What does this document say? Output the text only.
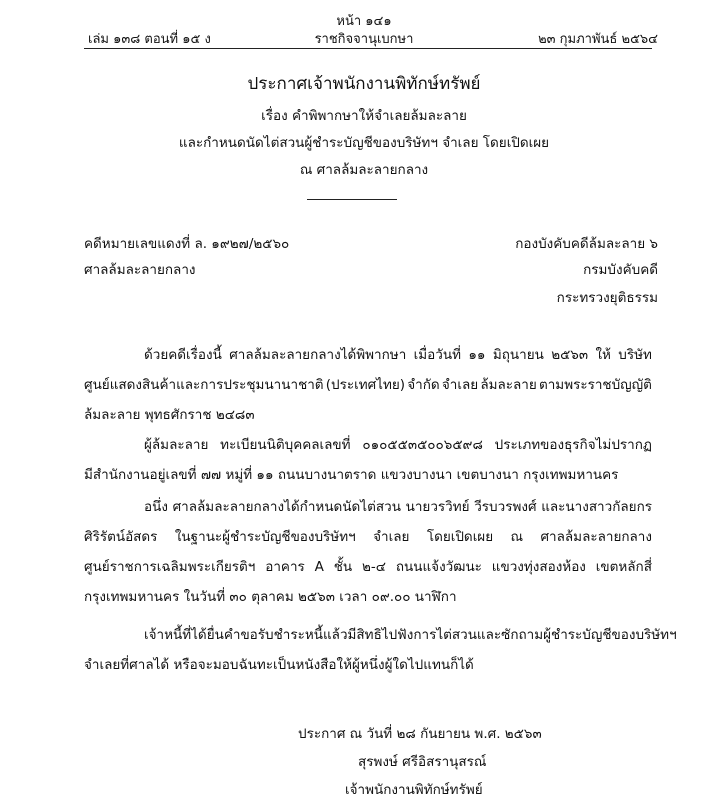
หน้า ๑๔๑
เล่ม ๑๓๘ ตอนที่ ๑๕ ง	ราชกิจจานุเบกษา	๒๓ กุมภาพันธ์ ๒๕๖๔
ประกาศเจ้าพนักงานพิทักษ์ทรัพย์
เรื่อง คำพิพากษาให้จำเลยล้มละลาย
และกำหนดนัดไต่สวนผู้ชำระบัญชีของบริษัทฯ จำเลย โดยเปิดเผย
ณ ศาลล้มละลายกลาง
คดีหมายเลขแดงที่ ล. ๑๙๒๗/๒๕๖๐
ศาลล้มละลายกลาง
กองบังคับคดีล้มละลาย ๖
กรมบังคับคดี
กระทรวงยุติธรรม
ด้วยคดีเรื่องนี้ ศาลล้มละลายกลางได้พิพากษา เมื่อวันที่ ๑๑ มิถุนายน ๒๕๖๓ ให้ บริษัท
ศูนย์แสดงสินค้าและการประชุมนานาชาติ (ประเทศไทย) จำกัด จำเลย ล้มละลาย ตามพระราชบัญญัติ
ล้มละลาย พุทธศักราช ๒๔๘๓
ผู้ล้มละลาย ทะเบียนนิติบุคคลเลขที่ ๐๑๐๕๕๓๕๐๐๖๕๙๘ ประเภทของธุรกิจไม่ปรากฏ
มีสำนักงานอยู่เลขที่ ๗๗ หมู่ที่ ๑๑ ถนนบางนาตราด แขวงบางนา เขตบางนา กรุงเทพมหานคร
อนึ่ง ศาลล้มละลายกลางได้กำหนดนัดไต่สวน นายวรวิทย์ วีรบวรพงศ์ และนางสาวกัลยกร
ศิริรัตน์อัสดร ในฐานะผู้ชำระบัญชีของบริษัทฯ จำเลย โดยเปิดเผย ณ ศาลล้มละลายกลาง
ศูนย์ราชการเฉลิมพระเกียรติฯ อาคาร A ชั้น ๒-๔ ถนนแจ้งวัฒนะ แขวงทุ่งสองห้อง เขตหลักสี่
กรุงเทพมหานคร ในวันที่ ๓๐ ตุลาคม ๒๕๖๓ เวลา ๐๙.๐๐ นาฬิกา
เจ้าหนี้ที่ได้ยื่นคำขอรับชำระหนี้แล้ว มีสิทธิไปฟังการไต่สวนและซักถามผู้ชำระบัญชีของบริษัทฯ
จำเลยที่ศาลได้ หรือจะมอบฉันทะเป็นหนังสือให้ผู้หนึ่งผู้ใดไปแทนก็ได้
ประกาศ ณ วันที่ ๒๘ กันยายน พ.ศ. ๒๕๖๓
สุรพงษ์ ศรีอิสรานุสรณ์
เจ้าพนักงานพิทักษ์ทรัพย์
